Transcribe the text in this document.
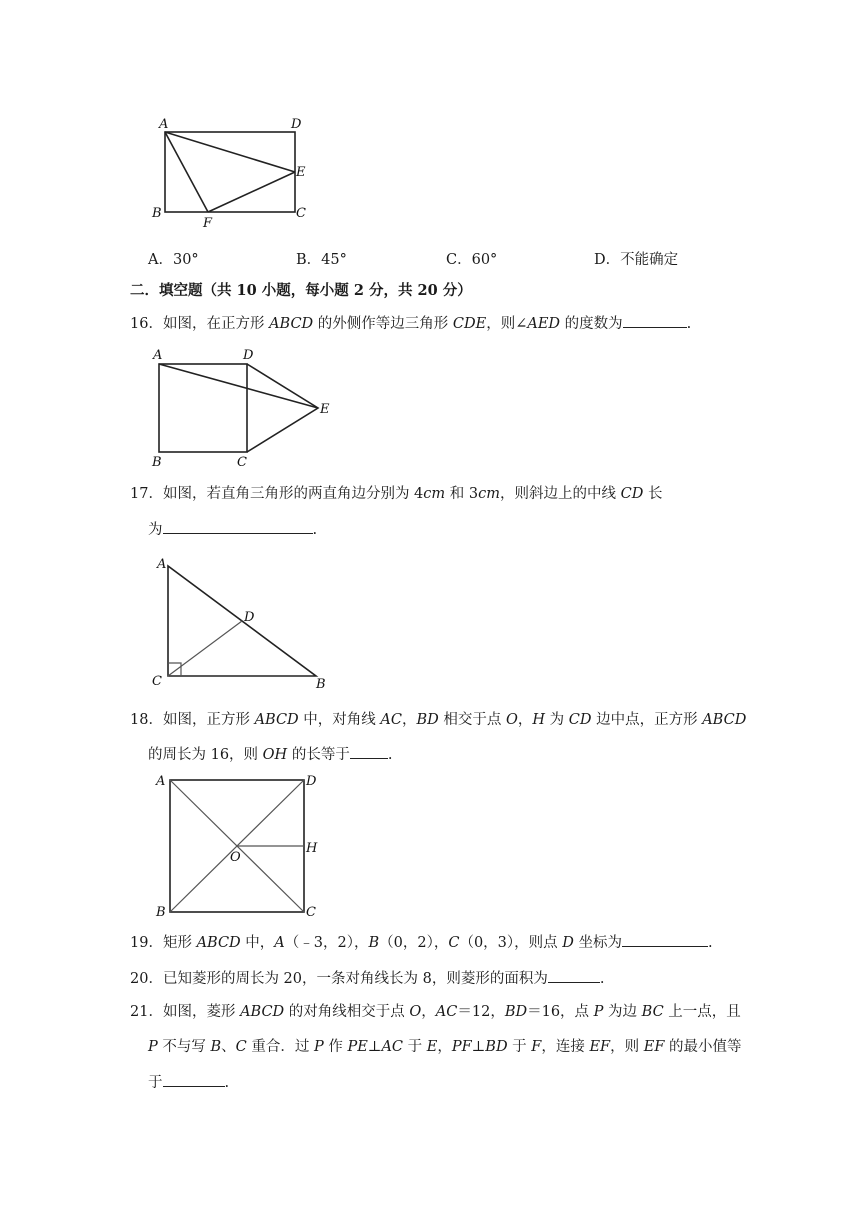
A	D
E
B
F
C
A．30°	B．45°	C．60°	D．不能确定
二．填空题（共 10 小题，每小题 2 分，共 20 分）
16．如图，在正方形 ABCD 的外侧作等边三角形 CDE，则∠AED 的度数为	.
A	D
E
B	C
17．如图，若直角三角形的两直角边分别为 4cm 和 3cm，则斜边上的中线 CD 长
为	.
A
D
C	B
18．如图，正方形 ABCD 中，对角线 AC，BD 相交于点 O，H 为 CD 边中点，正方形 ABCD
的周长为 16，则 OH 的长等于	.
A	D
H
O
B	C
19．矩形 ABCD 中，A（﹣3，2），B（0，2），C（0，3），则点 D 坐标为	.
20．已知菱形的周长为 20，一条对角线长为 8，则菱形的面积为	.
21．如图，菱形 ABCD 的对角线相交于点 O，AC＝12，BD＝16，点 P 为边 BC 上一点，且
P 不与写 B、C 重合．过 P 作 PE⊥AC 于 E，PF⊥BD 于 F，连接 EF，则 EF 的最小值等
于	.
